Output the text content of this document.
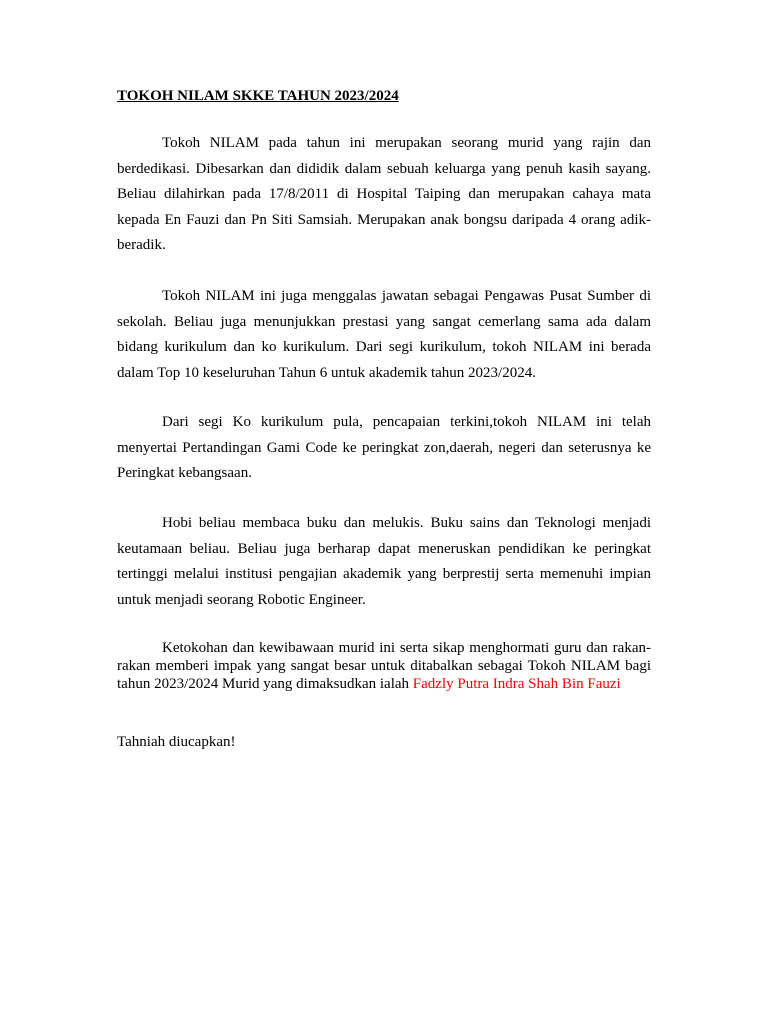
TOKOH NILAM SKKE TAHUN 2023/2024

Tokoh NILAM pada tahun ini merupakan seorang murid yang rajin dan berdedikasi. Dibesarkan dan dididik dalam sebuah keluarga yang penuh kasih sayang. Beliau dilahirkan pada 17/8/2011 di Hospital Taiping dan merupakan cahaya mata kepada En Fauzi dan Pn Siti Samsiah. Merupakan anak bongsu daripada 4 orang adik-beradik.

Tokoh NILAM ini juga menggalas jawatan sebagai Pengawas Pusat Sumber di sekolah. Beliau juga menunjukkan prestasi yang sangat cemerlang sama ada dalam bidang kurikulum dan ko kurikulum. Dari segi kurikulum, tokoh NILAM ini berada dalam Top 10 keseluruhan Tahun 6 untuk akademik tahun 2023/2024.

Dari segi Ko kurikulum pula, pencapaian terkini,tokoh NILAM ini telah menyertai Pertandingan Gami Code ke peringkat zon,daerah, negeri dan seterusnya ke Peringkat kebangsaan.

Hobi beliau membaca buku dan melukis. Buku sains dan Teknologi menjadi keutamaan beliau. Beliau juga berharap dapat meneruskan pendidikan ke peringkat tertinggi melalui institusi pengajian akademik yang berprestij serta memenuhi impian untuk menjadi seorang Robotic Engineer.

Ketokohan dan kewibawaan murid ini serta sikap menghormati guru dan rakan-rakan memberi impak yang sangat besar untuk ditabalkan sebagai Tokoh NILAM bagi tahun 2023/2024 Murid yang dimaksudkan ialah Fadzly Putra Indra Shah Bin Fauzi

Tahniah diucapkan!
